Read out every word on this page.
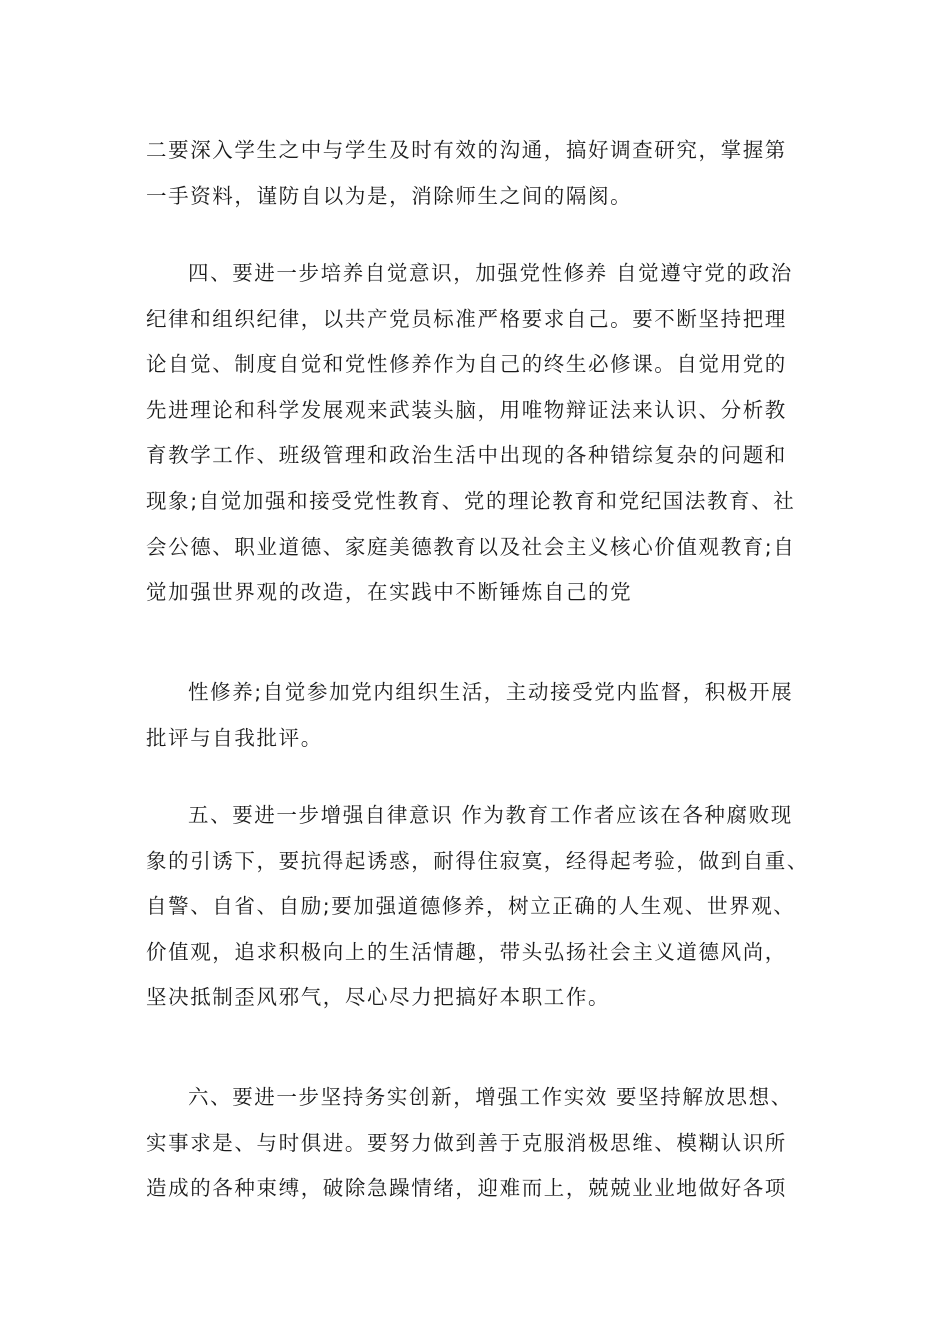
二要深入学生之中与学生及时有效的沟通，搞好调查研究，掌握第
一手资料，谨防自以为是，消除师生之间的隔阂。
四、要进一步培养自觉意识，加强党性修养 自觉遵守党的政治
纪律和组织纪律，以共产党员标准严格要求自己。要不断坚持把理
论自觉、制度自觉和党性修养作为自己的终生必修课。自觉用党的
先进理论和科学发展观来武装头脑，用唯物辩证法来认识、分析教
育教学工作、班级管理和政治生活中出现的各种错综复杂的问题和
现象;自觉加强和接受党性教育、党的理论教育和党纪国法教育、社
会公德、职业道德、家庭美德教育以及社会主义核心价值观教育;自
觉加强世界观的改造，在实践中不断锤炼自己的党
性修养;自觉参加党内组织生活，主动接受党内监督，积极开展
批评与自我批评。
五、要进一步增强自律意识 作为教育工作者应该在各种腐败现
象的引诱下，要抗得起诱惑，耐得住寂寞，经得起考验，做到自重、
自警、自省、自励;要加强道德修养，树立正确的人生观、世界观、
价值观，追求积极向上的生活情趣，带头弘扬社会主义道德风尚，
坚决抵制歪风邪气，尽心尽力把搞好本职工作。
六、要进一步坚持务实创新，增强工作实效 要坚持解放思想、
实事求是、与时俱进。要努力做到善于克服消极思维、模糊认识所
造成的各种束缚，破除急躁情绪，迎难而上，兢兢业业地做好各项
